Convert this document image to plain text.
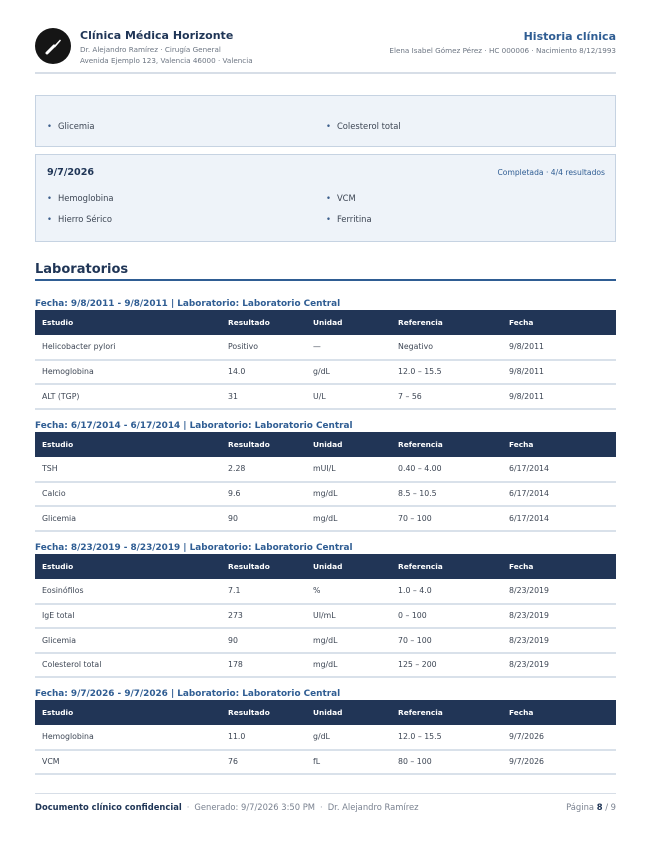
Clínica Médica Horizonte
Dr. Alejandro Ramírez · Cirugía General
Avenida Ejemplo 123, Valencia 46000 · Valencia
Historia clínica
Elena Isabel Gómez Pérez · HC 000006 · Nacimiento 8/12/1993
• Glicemia	• Colesterol total
9/7/2026	Completada · 4/4 resultados
• Hemoglobina	• VCM
• Hierro Sérico	• Ferritina
Laboratorios
Fecha: 9/8/2011 - 9/8/2011 | Laboratorio: Laboratorio Central
Estudio	Resultado	Unidad	Referencia	Fecha
Helicobacter pylori	Positivo	—	Negativo	9/8/2011
Hemoglobina	14.0	g/dL	12.0 – 15.5	9/8/2011
ALT (TGP)	31	U/L	7 – 56	9/8/2011
Fecha: 6/17/2014 - 6/17/2014 | Laboratorio: Laboratorio Central
Estudio	Resultado	Unidad	Referencia	Fecha
TSH	2.28	mUI/L	0.40 – 4.00	6/17/2014
Calcio	9.6	mg/dL	8.5 – 10.5	6/17/2014
Glicemia	90	mg/dL	70 – 100	6/17/2014
Fecha: 8/23/2019 - 8/23/2019 | Laboratorio: Laboratorio Central
Estudio	Resultado	Unidad	Referencia	Fecha
Eosinófilos	7.1	%	1.0 – 4.0	8/23/2019
IgE total	273	UI/mL	0 – 100	8/23/2019
Glicemia	90	mg/dL	70 – 100	8/23/2019
Colesterol total	178	mg/dL	125 – 200	8/23/2019
Fecha: 9/7/2026 - 9/7/2026 | Laboratorio: Laboratorio Central
Estudio	Resultado	Unidad	Referencia	Fecha
Hemoglobina	11.0	g/dL	12.0 – 15.5	9/7/2026
VCM	76	fL	80 – 100	9/7/2026
Documento clínico confidencial · Generado: 9/7/2026 3:50 PM · Dr. Alejandro Ramírez	Página 8 / 9
